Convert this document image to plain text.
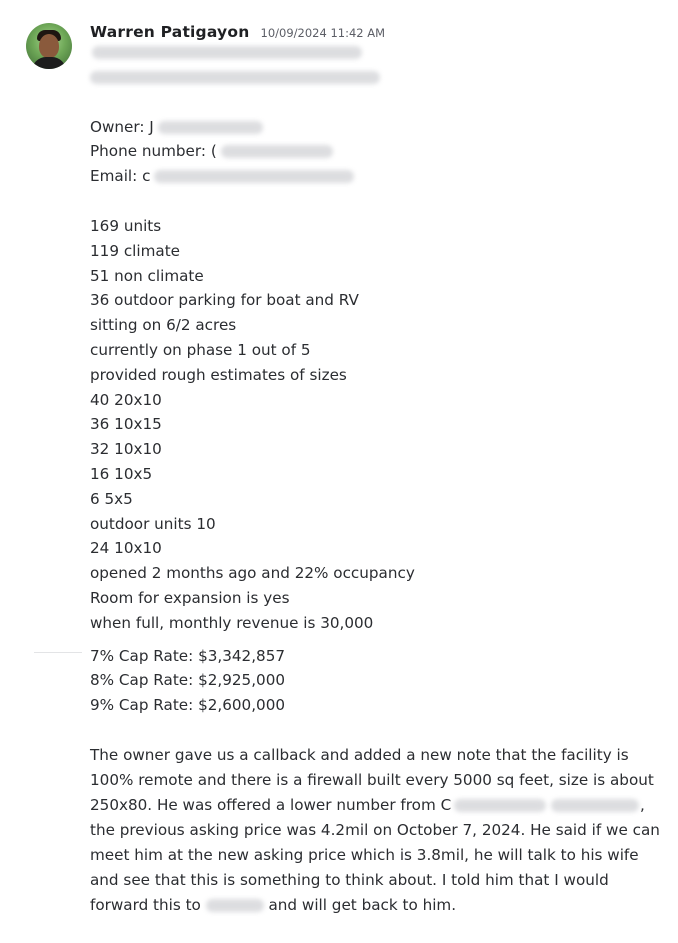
Warren Patigayon 10/09/2024 11:42 AM
Owner: J
Phone number: (
Email: c
169 units
119 climate
51 non climate
36 outdoor parking for boat and RV
sitting on 6/2 acres
currently on phase 1 out of 5
provided rough estimates of sizes
40 20x10
36 10x15
32 10x10
16 10x5
6 5x5
outdoor units 10
24 10x10
opened 2 months ago and 22% occupancy
Room for expansion is yes
when full, monthly revenue is 30,000
7% Cap Rate: $3,342,857
8% Cap Rate: $2,925,000
9% Cap Rate: $2,600,000
The owner gave us a callback and added a new note that the facility is 100% remote and there is a firewall built every 5000 sq feet, size is about 250x80. He was offered a lower number from C	, the previous asking price was 4.2mil on October 7, 2024. He said if we can meet him at the new asking price which is 3.8mil, he will talk to his wife and see that this is something to think about. I told him that I would forward this to	and will get back to him.
